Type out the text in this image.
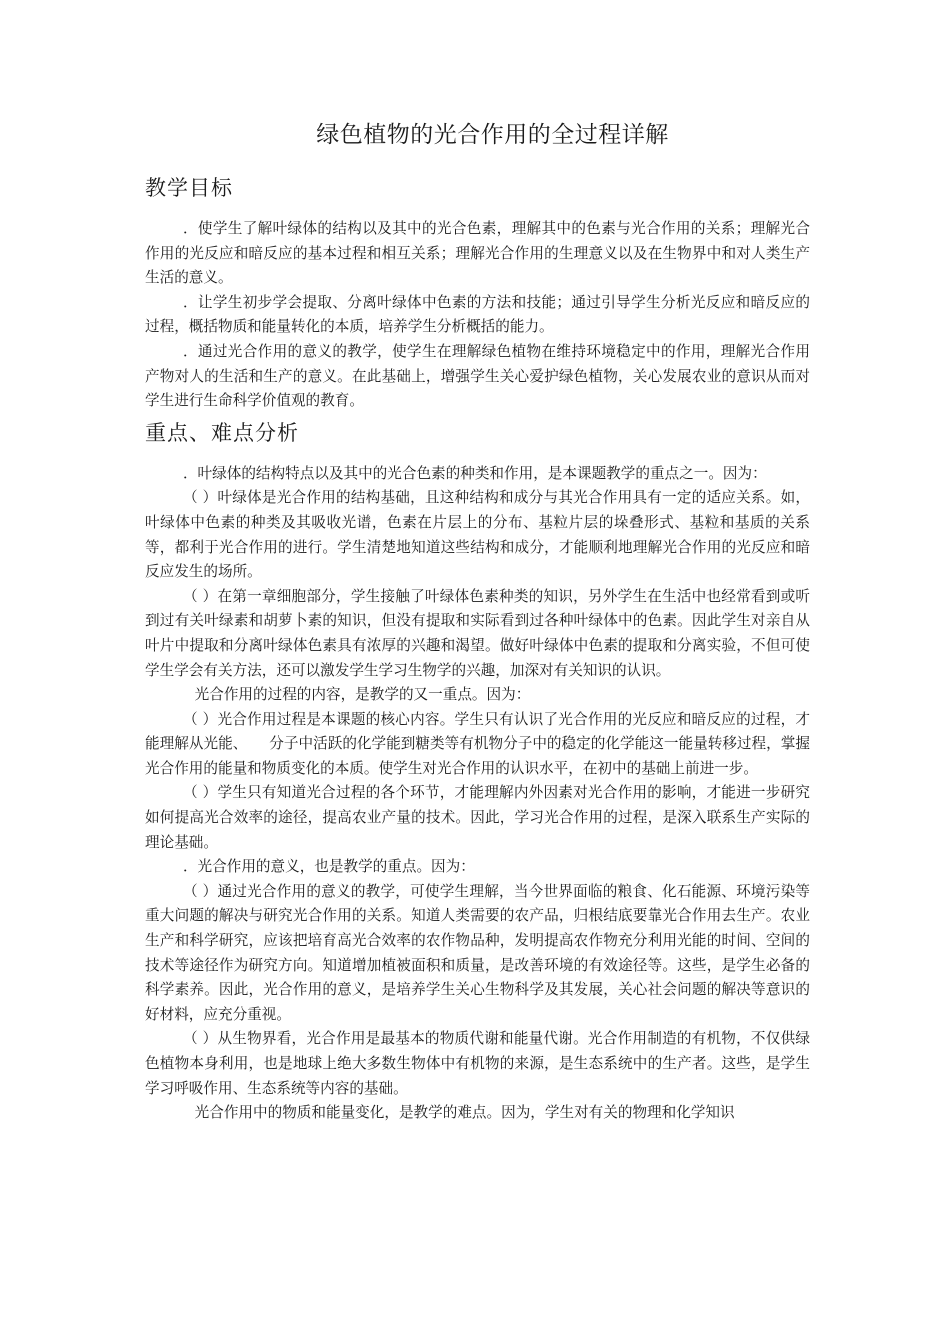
绿色植物的光合作用的全过程详解
教学目标

．使学生了解叶绿体的结构以及其中的光合色素，理解其中的色素与光合作用的关系；理解光合作用的光反应和暗反应的基本过程和相互关系；理解光合作用的生理意义以及在生物界中和对人类生产生活的意义。

．让学生初步学会提取、分离叶绿体中色素的方法和技能；通过引导学生分析光反应和暗反应的过程，概括物质和能量转化的本质，培养学生分析概括的能力。

．通过光合作用的意义的教学，使学生在理解绿色植物在维持环境稳定中的作用，理解光合作用产物对人的生活和生产的意义。在此基础上，增强学生关心爱护绿色植物，关心发展农业的意识从而对学生进行生命科学价值观的教育。

重点、难点分析

．叶绿体的结构特点以及其中的光合色素的种类和作用，是本课题教学的重点之一。因为：

（ ）叶绿体是光合作用的结构基础，且这种结构和成分与其光合作用具有一定的适应关系。如，叶绿体中色素的种类及其吸收光谱，色素在片层上的分布、基粒片层的垛叠形式、基粒和基质的关系等，都利于光合作用的进行。学生清楚地知道这些结构和成分，才能顺利地理解光合作用的光反应和暗反应发生的场所。

（ ）在第一章细胞部分，学生接触了叶绿体色素种类的知识，另外学生在生活中也经常看到或听到过有关叶绿素和胡萝卜素的知识，但没有提取和实际看到过各种叶绿体中的色素。因此学生对亲自从叶片中提取和分离叶绿体色素具有浓厚的兴趣和渴望。做好叶绿体中色素的提取和分离实验，不但可使学生学会有关方法，还可以激发学生学习生物学的兴趣，加深对有关知识的认识。

光合作用的过程的内容，是教学的又一重点。因为：

（ ）光合作用过程是本课题的核心内容。学生只有认识了光合作用的光反应和暗反应的过程，才能理解从光能、　　分子中活跃的化学能到糖类等有机物分子中的稳定的化学能这一能量转移过程，掌握光合作用的能量和物质变化的本质。使学生对光合作用的认识水平，在初中的基础上前进一步。

（ ）学生只有知道光合过程的各个环节，才能理解内外因素对光合作用的影响，才能进一步研究如何提高光合效率的途径，提高农业产量的技术。因此，学习光合作用的过程，是深入联系生产实际的理论基础。

．光合作用的意义，也是教学的重点。因为：

（ ）通过光合作用的意义的教学，可使学生理解，当今世界面临的粮食、化石能源、环境污染等重大问题的解决与研究光合作用的关系。知道人类需要的农产品，归根结底要靠光合作用去生产。农业生产和科学研究，应该把培育高光合效率的农作物品种，发明提高农作物充分利用光能的时间、空间的技术等途径作为研究方向。知道增加植被面积和质量，是改善环境的有效途径等。这些，是学生必备的科学素养。因此，光合作用的意义，是培养学生关心生物科学及其发展，关心社会问题的解决等意识的好材料，应充分重视。

（ ）从生物界看，光合作用是最基本的物质代谢和能量代谢。光合作用制造的有机物，不仅供绿色植物本身利用，也是地球上绝大多数生物体中有机物的来源，是生态系统中的生产者。这些，是学生学习呼吸作用、生态系统等内容的基础。

光合作用中的物质和能量变化，是教学的难点。因为，学生对有关的物理和化学知识
